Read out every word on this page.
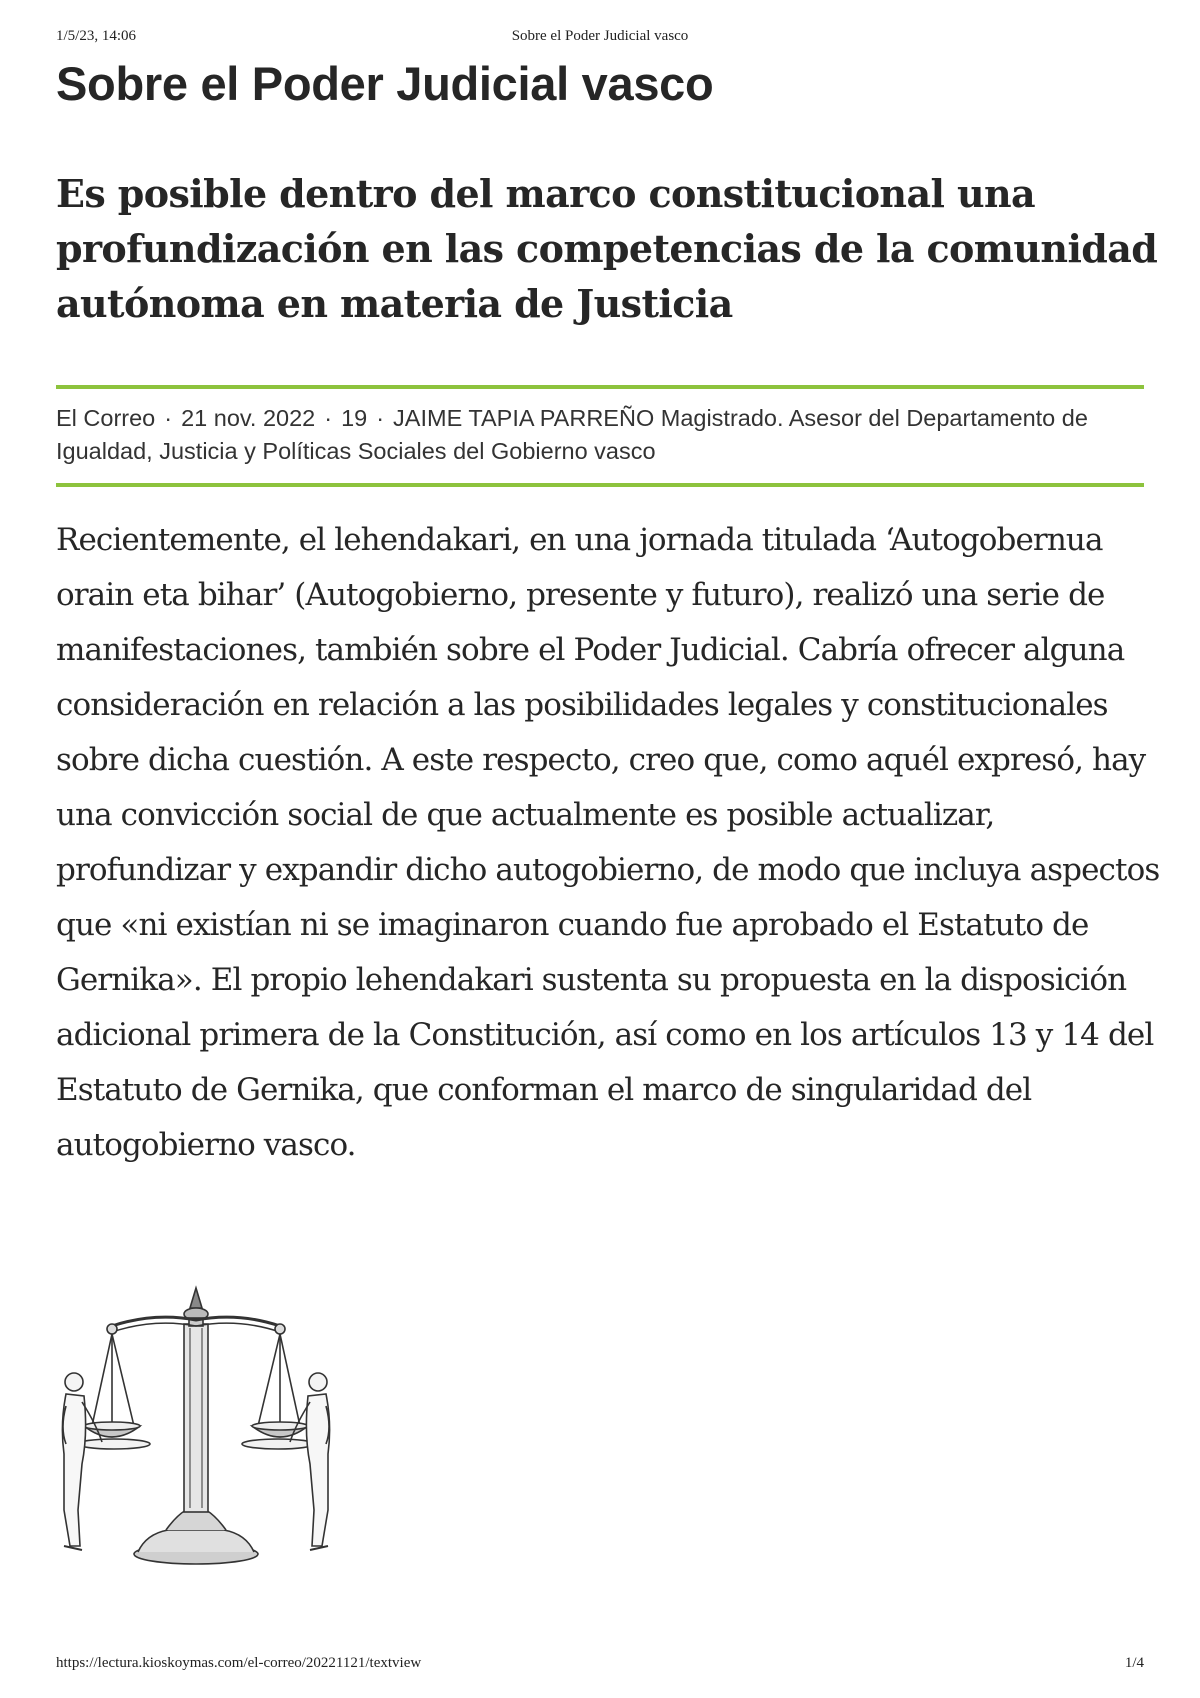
1/5/23, 14:06	Sobre el Poder Judicial vasco
Sobre el Poder Judicial vasco
Es posible dentro del marco constitucional una profundización en las competencias de la comunidad autónoma en materia de Justicia
El Correo · 21 nov. 2022 · 19 · JAIME TAPIA PARREÑO Magistrado. Asesor del Departamento de Igualdad, Justicia y Políticas Sociales del Gobierno vasco

Recientemente, el lehendakari, en una jornada titulada ‘Autogobernua orain eta bihar’ (Autogobierno, presente y futuro), realizó una serie de manifestaciones, también sobre el Poder Judicial. Cabría ofrecer alguna consideración en relación a las posibilidades legales y constitucionales sobre dicha cuestión. A este respecto, creo que, como aquél expresó, hay una convicción social de que actualmente es posible actualizar, profundizar y expandir dicho autogobierno, de modo que incluya aspectos que «ni existían ni se imaginaron cuando fue aprobado el Estatuto de Gernika». El propio lehendakari sustenta su propuesta en la disposición adicional primera de la Constitución, así como en los artículos 13 y 14 del Estatuto de Gernika, que conforman el marco de singularidad del autogobierno vasco.

https://lectura.kioskoymas.com/el-correo/20221121/textview	1/4
